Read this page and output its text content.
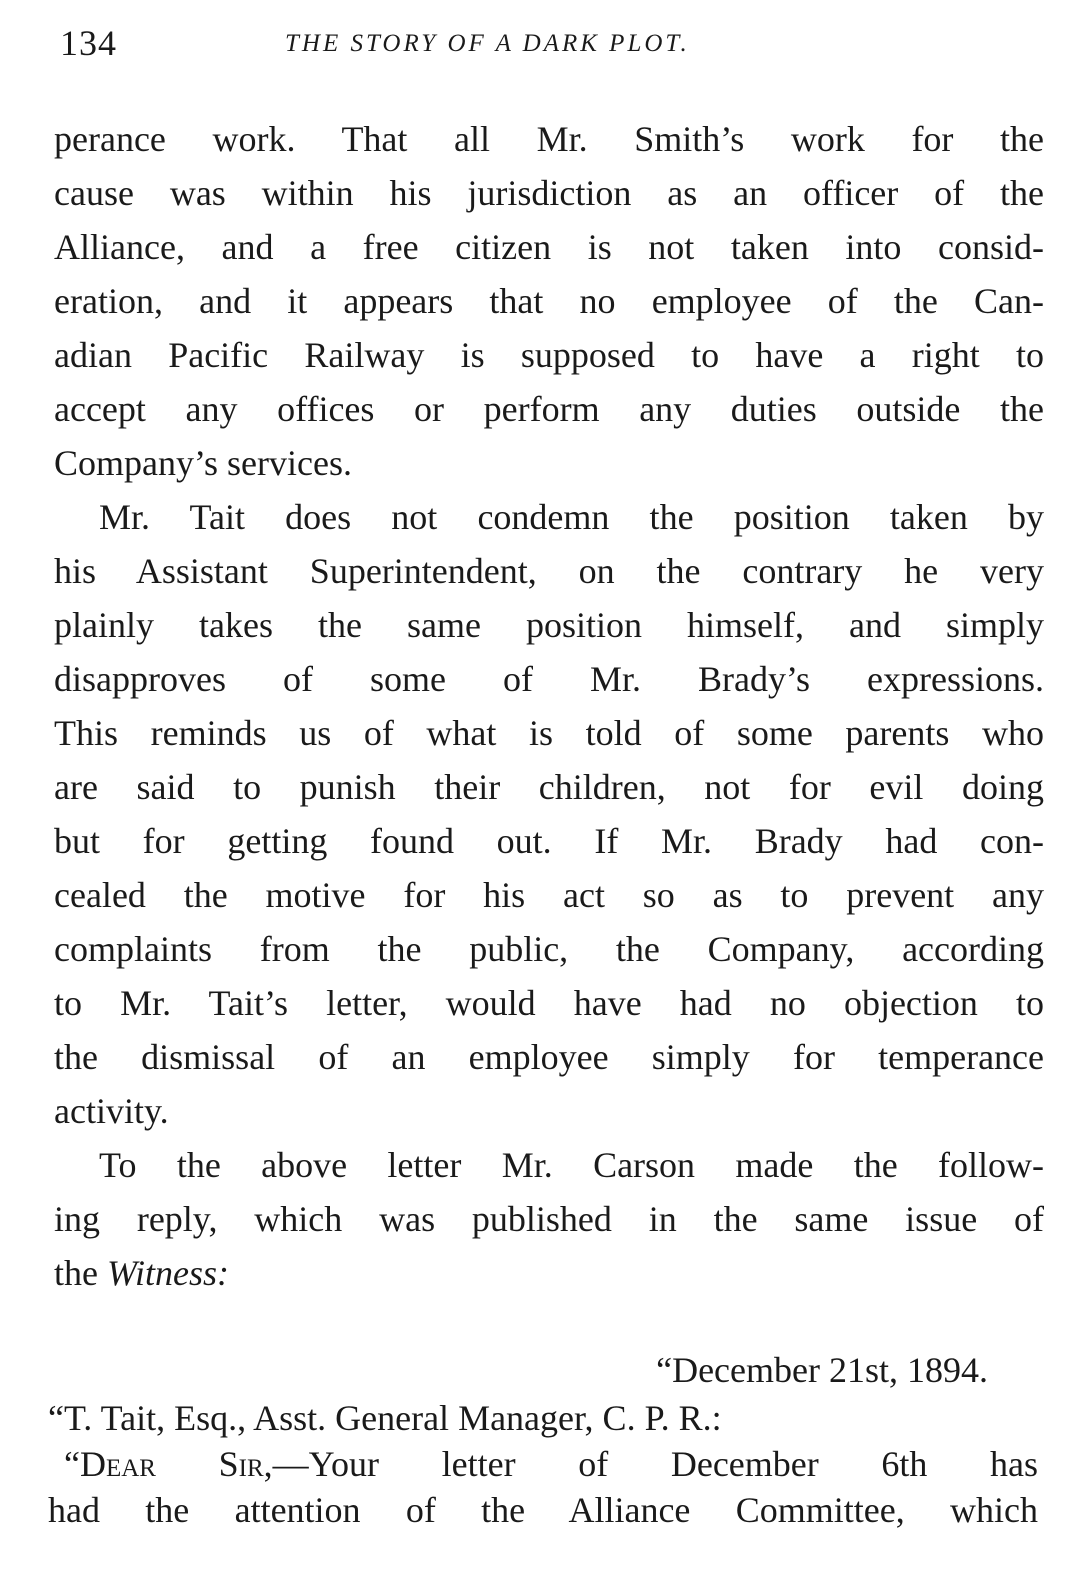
134	THE STORY OF A DARK PLOT.
perance work. That all Mr. Smith’s work for the
cause was within his jurisdiction as an officer of the
Alliance, and a free citizen is not taken into consid-
eration, and it appears that no employee of the Can-
adian Pacific Railway is supposed to have a right to
accept any offices or perform any duties outside the
Company’s services.
Mr. Tait does not condemn the position taken by
his Assistant Superintendent, on the contrary he very
plainly takes the same position himself, and simply
disapproves of some of Mr. Brady’s expressions.
This reminds us of what is told of some parents who
are said to punish their children, not for evil doing
but for getting found out. If Mr. Brady had con-
cealed the motive for his act so as to prevent any
complaints from the public, the Company, according
to Mr. Tait’s letter, would have had no objection to
the dismissal of an employee simply for temperance
activity.
To the above letter Mr. Carson made the follow-
ing reply, which was published in the same issue of
the Witness:
“December 21st, 1894.
“T. Tait, Esq., Asst. General Manager, C. P. R.:
“Dear Sir,—Your letter of December 6th has
had the attention of the Alliance Committee, which
